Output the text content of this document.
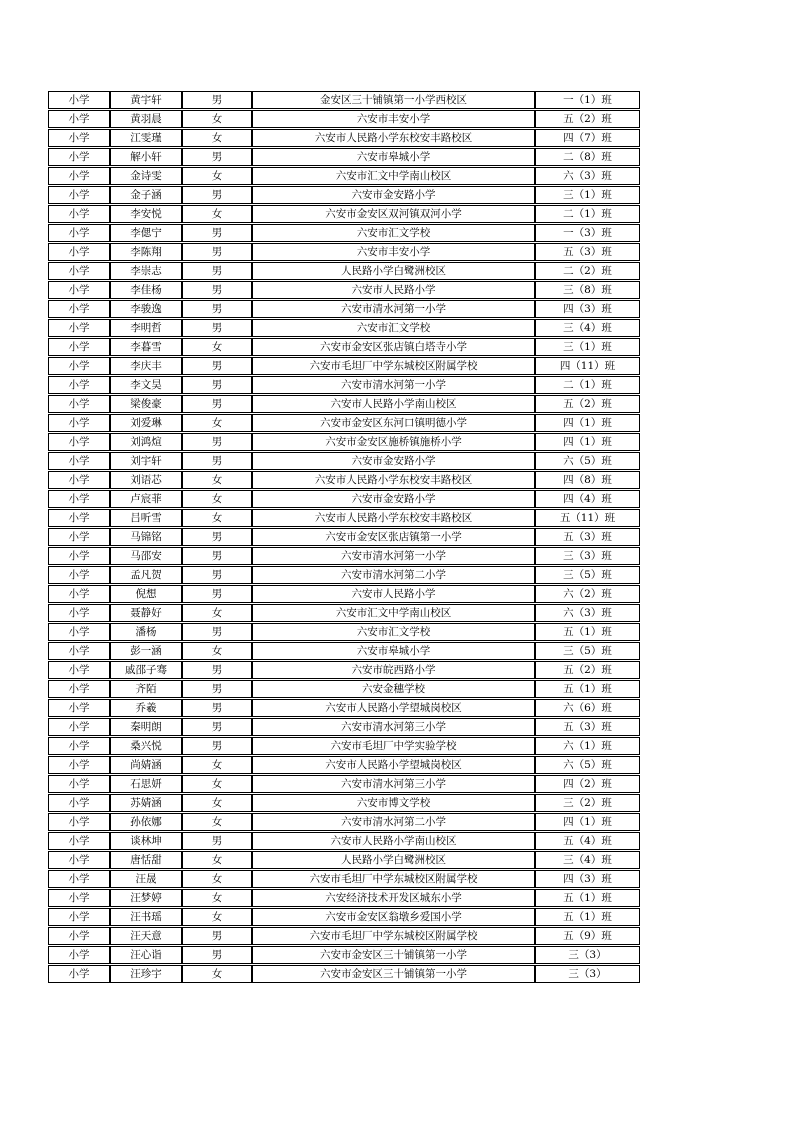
小学	黄宇轩	男	金安区三十铺镇第一小学西校区	一（1）班
小学	黄羽晨	女	六安市丰安小学	五（2）班
小学	江雯瑾	女	六安市人民路小学东校安丰路校区	四（7）班
小学	解小轩	男	六安市皋城小学	二（8）班
小学	金诗雯	女	六安市汇文中学南山校区	六（3）班
小学	金子涵	男	六安市金安路小学	三（1）班
小学	李安悦	女	六安市金安区双河镇双河小学	二（1）班
小学	李偲宁	男	六安市汇文学校	一（3）班
小学	李陈翔	男	六安市丰安小学	五（3）班
小学	李崇志	男	人民路小学白鹭洲校区	二（2）班
小学	李佳杨	男	六安市人民路小学	三（8）班
小学	李骏逸	男	六安市清水河第一小学	四（3）班
小学	李明哲	男	六安市汇文学校	三（4）班
小学	李暮雪	女	六安市金安区张店镇白塔寺小学	三（1）班
小学	李庆丰	男	六安市毛坦厂中学东城校区附属学校	四（11）班
小学	李文昊	男	六安市清水河第一小学	二（1）班
小学	梁俊豪	男	六安市人民路小学南山校区	五（2）班
小学	刘爱琳	女	六安市金安区东河口镇明德小学	四（1）班
小学	刘鸿煊	男	六安市金安区施桥镇施桥小学	四（1）班
小学	刘宇轩	男	六安市金安路小学	六（5）班
小学	刘语芯	女	六安市人民路小学东校安丰路校区	四（8）班
小学	卢宸菲	女	六安市金安路小学	四（4）班
小学	吕听雪	女	六安市人民路小学东校安丰路校区	五（11）班
小学	马锦铭	男	六安市金安区张店镇第一小学	五（3）班
小学	马邵安	男	六安市清水河第一小学	三（3）班
小学	孟凡贺	男	六安市清水河第二小学	三（5）班
小学	倪想	男	六安市人民路小学	六（2）班
小学	聂静好	女	六安市汇文中学南山校区	六（3）班
小学	潘杨	男	六安市汇文学校	五（1）班
小学	彭一涵	女	六安市皋城小学	三（5）班
小学	戚邵子骞	男	六安市皖西路小学	五（2）班
小学	齐陌	男	六安金穗学校	五（1）班
小学	乔羲	男	六安市人民路小学望城岗校区	六（6）班
小学	秦明朗	男	六安市清水河第三小学	五（3）班
小学	桑兴悦	男	六安市毛坦厂中学实验学校	六（1）班
小学	尚婧涵	女	六安市人民路小学望城岗校区	六（5）班
小学	石思妍	女	六安市清水河第三小学	四（2）班
小学	苏婧涵	女	六安市博文学校	三（2）班
小学	孙依娜	女	六安市清水河第二小学	四（1）班
小学	谈林坤	男	六安市人民路小学南山校区	五（4）班
小学	唐恬甜	女	人民路小学白鹭洲校区	三（4）班
小学	汪晟	女	六安市毛坦厂中学东城校区附属学校	四（3）班
小学	汪梦婷	女	六安经济技术开发区城东小学	五（1）班
小学	汪书瑶	女	六安市金安区翁墩乡爱国小学	五（1）班
小学	汪天意	男	六安市毛坦厂中学东城校区附属学校	五（9）班
小学	汪心诣	男	六安市金安区三十铺镇第一小学	三（3）
小学	汪珍宇	女	六安市金安区三十铺镇第一小学	三（3）
